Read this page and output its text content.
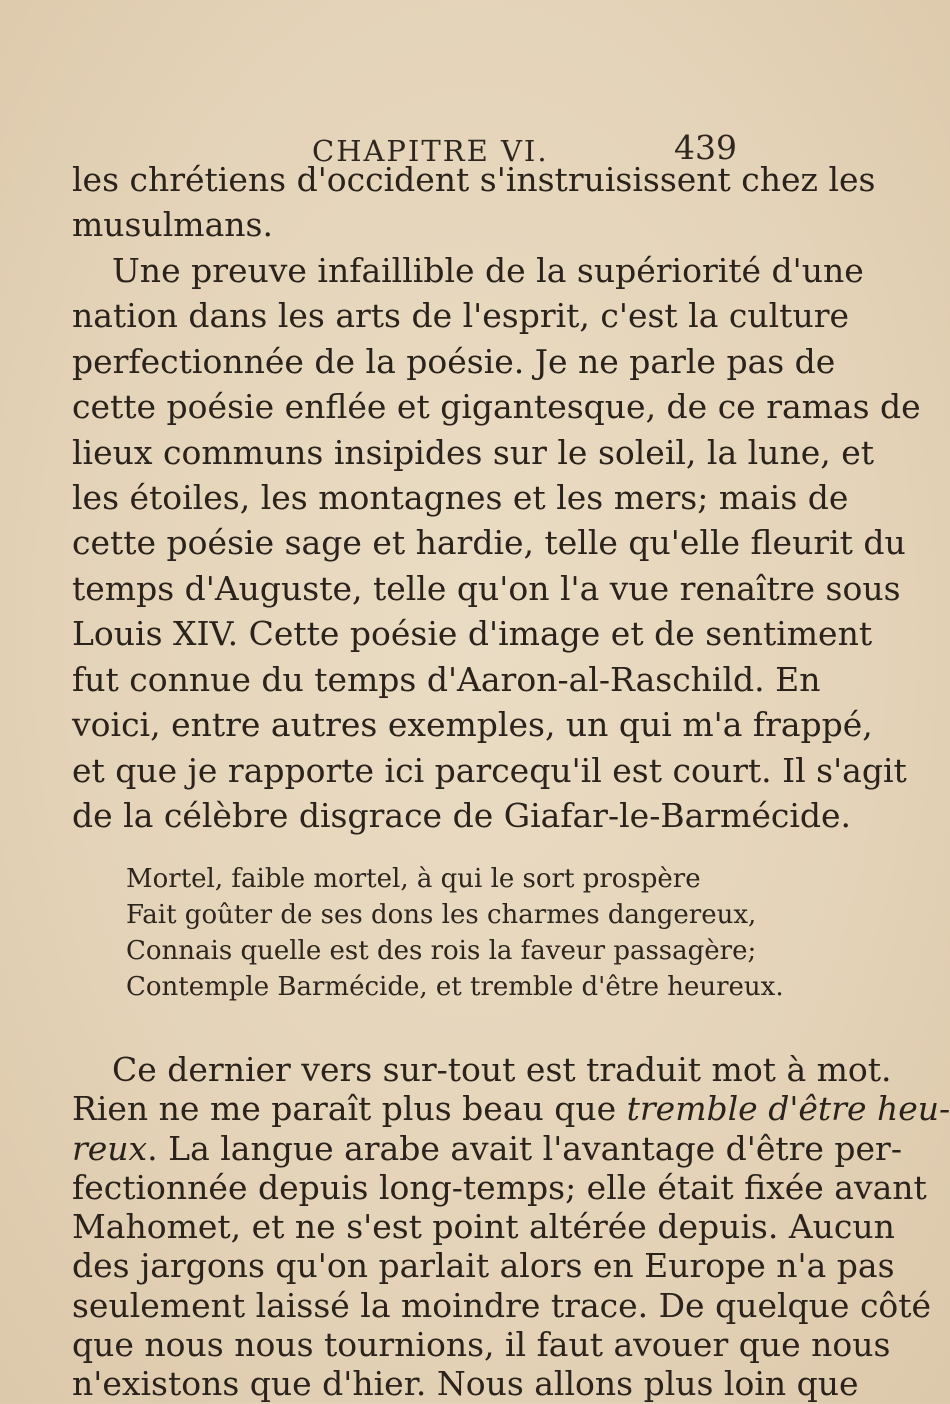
CHAPITRE VI.	439
les chrétiens d'occident s'instruisissent chez les
musulmans.
Une preuve infaillible de la supériorité d'une
nation dans les arts de l'esprit, c'est la culture
perfectionnée de la poésie. Je ne parle pas de
cette poésie enflée et gigantesque, de ce ramas de
lieux communs insipides sur le soleil, la lune, et
les étoiles, les montagnes et les mers; mais de
cette poésie sage et hardie, telle qu'elle fleurit du
temps d'Auguste, telle qu'on l'a vue renaître sous
Louis XIV. Cette poésie d'image et de sentiment
fut connue du temps d'Aaron-al-Raschild. En
voici, entre autres exemples, un qui m'a frappé,
et que je rapporte ici parcequ'il est court. Il s'agit
de la célèbre disgrace de Giafar-le-Barmécide.
Mortel, faible mortel, à qui le sort prospère
Fait goûter de ses dons les charmes dangereux,
Connais quelle est des rois la faveur passagère;
Contemple Barmécide, et tremble d'être heureux.
Ce dernier vers sur-tout est traduit mot à mot.
Rien ne me paraît plus beau que tremble d'être heu-
reux. La langue arabe avait l'avantage d'être per-
fectionnée depuis long-temps; elle était fixée avant
Mahomet, et ne s'est point altérée depuis. Aucun
des jargons qu'on parlait alors en Europe n'a pas
seulement laissé la moindre trace. De quelque côté
que nous nous tournions, il faut avouer que nous
n'existons que d'hier. Nous allons plus loin que
